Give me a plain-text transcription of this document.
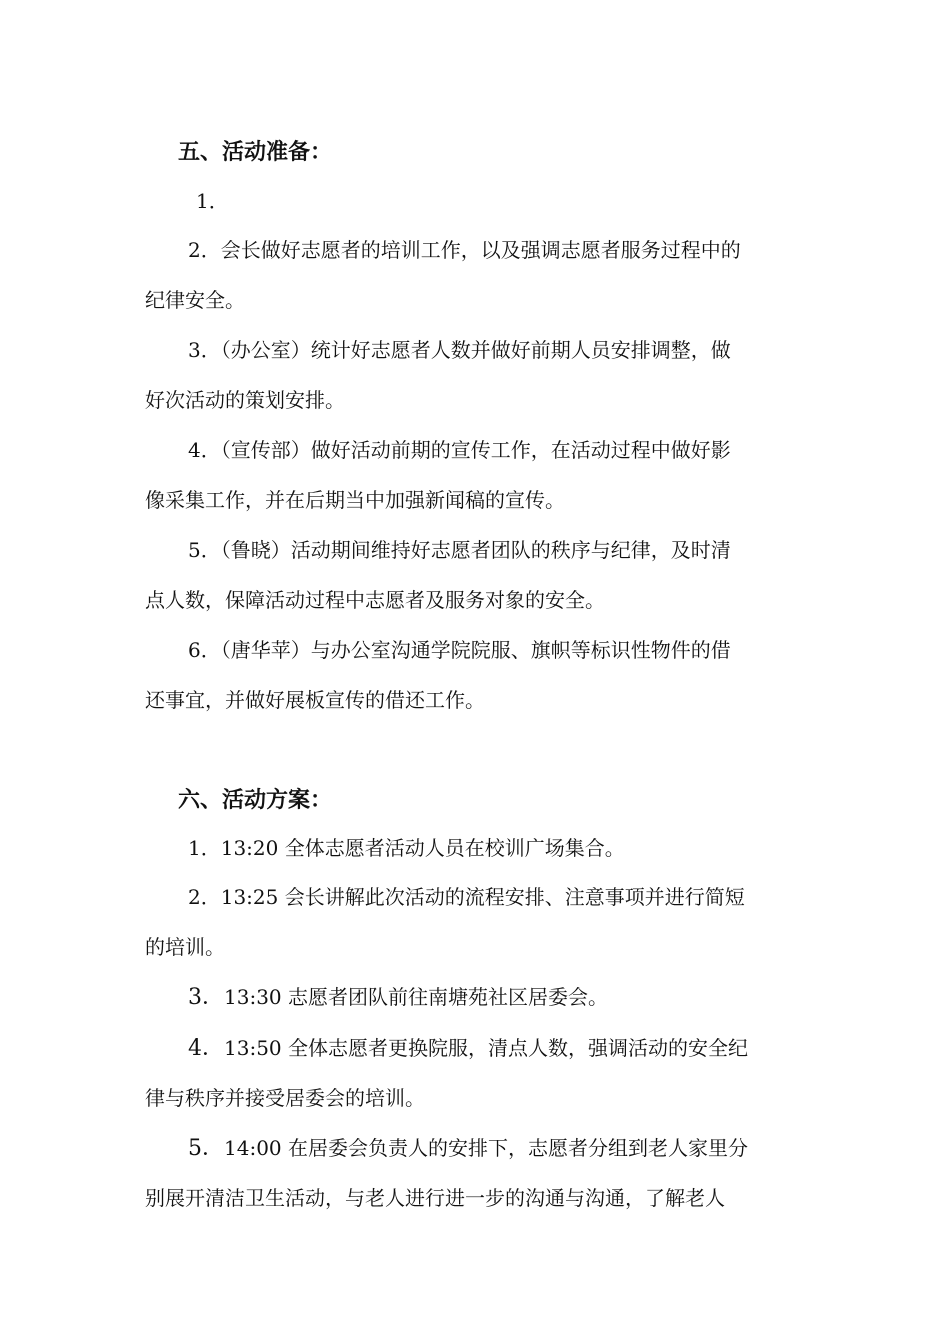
五、活动准备：
1．
2．会长做好志愿者的培训工作，以及强调志愿者服务过程中的
纪律安全。
3．（办公室）统计好志愿者人数并做好前期人员安排调整，做
好次活动的策划安排。
4．（宣传部）做好活动前期的宣传工作，在活动过程中做好影
像采集工作，并在后期当中加强新闻稿的宣传。
5．（鲁晓）活动期间维持好志愿者团队的秩序与纪律，及时清
点人数，保障活动过程中志愿者及服务对象的安全。
6．（唐华苹）与办公室沟通学院院服、旗帜等标识性物件的借
还事宜，并做好展板宣传的借还工作。
六、活动方案：
1．13:20 全体志愿者活动人员在校训广场集合。
2．13:25 会长讲解此次活动的流程安排、注意事项并进行简短
的培训。
3．13:30 志愿者团队前往南塘苑社区居委会。
4．13:50 全体志愿者更换院服，清点人数，强调活动的安全纪
律与秩序并接受居委会的培训。
5．14:00 在居委会负责人的安排下，志愿者分组到老人家里分
别展开清洁卫生活动，与老人进行进一步的沟通与沟通，了解老人
